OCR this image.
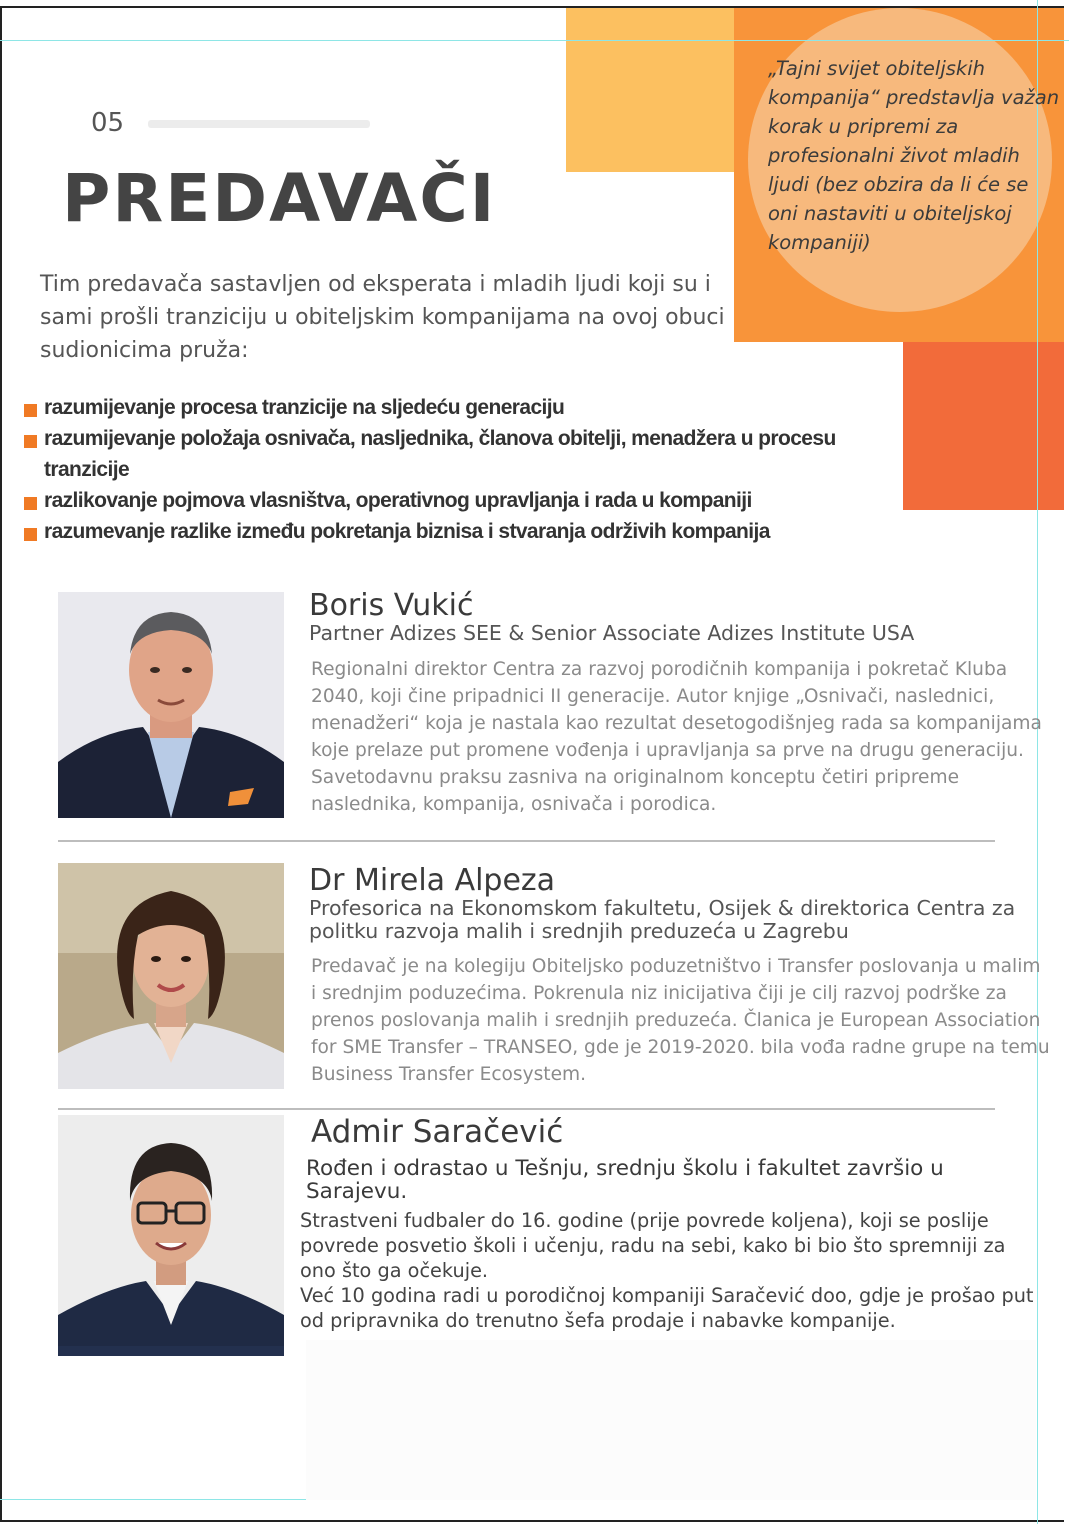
„Tajni svijet obiteljskih kompanija“ predstavlja važan korak u pripremi za profesionalni život mladih ljudi (bez obzira da li će se oni nastaviti u obiteljskoj kompaniji)
05
PREDAVAČI
Tim predavača sastavljen od eksperata i mladih ljudi koji su i sami prošli tranziciju u obiteljskim kompanijama na ovoj obuci sudionicima pruža:
razumijevanje procesa tranzicije na sljedeću generaciju
razumijevanje položaja osnivača, nasljednika, članova obitelji, menadžera u procesu tranzicije
razlikovanje pojmova vlasništva, operativnog upravljanja i rada u kompaniji
razumevanje razlike između pokretanja biznisa i stvaranja održivih kompanija
Boris Vukić
Partner Adizes SEE & Senior Associate Adizes Institute USA
Regionalni direktor Centra za razvoj porodičnih kompanija i pokretač Kluba 2040, koji čine pripadnici II generacije. Autor knjige „Osnivači, naslednici, menadžeri“ koja je nastala kao rezultat desetogodišnjeg rada sa kompanijama koje prelaze put promene vođenja i upravljanja sa prve na drugu generaciju. Savetodavnu praksu zasniva na originalnom konceptu četiri pripreme naslednika, kompanija, osnivača i porodica.
Dr Mirela Alpeza
Profesorica na Ekonomskom fakultetu, Osijek & direktorica Centra za politku razvoja malih i srednjih preduzeća u Zagrebu
Predavač je na kolegiju Obiteljsko poduzetništvo i Transfer poslovanja u malim i srednjim poduzećima. Pokrenula niz inicijativa čiji je cilj razvoj podrške za prenos poslovanja malih i srednjih preduzeća. Članica je European Association for SME Transfer – TRANSEO, gde je 2019-2020. bila vođa radne grupe na temu Business Transfer Ecosystem.
Admir Saračević
Rođen i odrastao u Tešnju, srednju školu i fakultet završio u Sarajevu.
Strastveni fudbaler do 16. godine (prije povrede koljena), koji se poslije povrede posvetio školi i učenju, radu na sebi, kako bi bio što spremniji za ono što ga očekuje.
Već 10 godina radi u porodičnoj kompaniji Saračević doo, gdje je prošao put od pripravnika do trenutno šefa prodaje i nabavke kompanije.
